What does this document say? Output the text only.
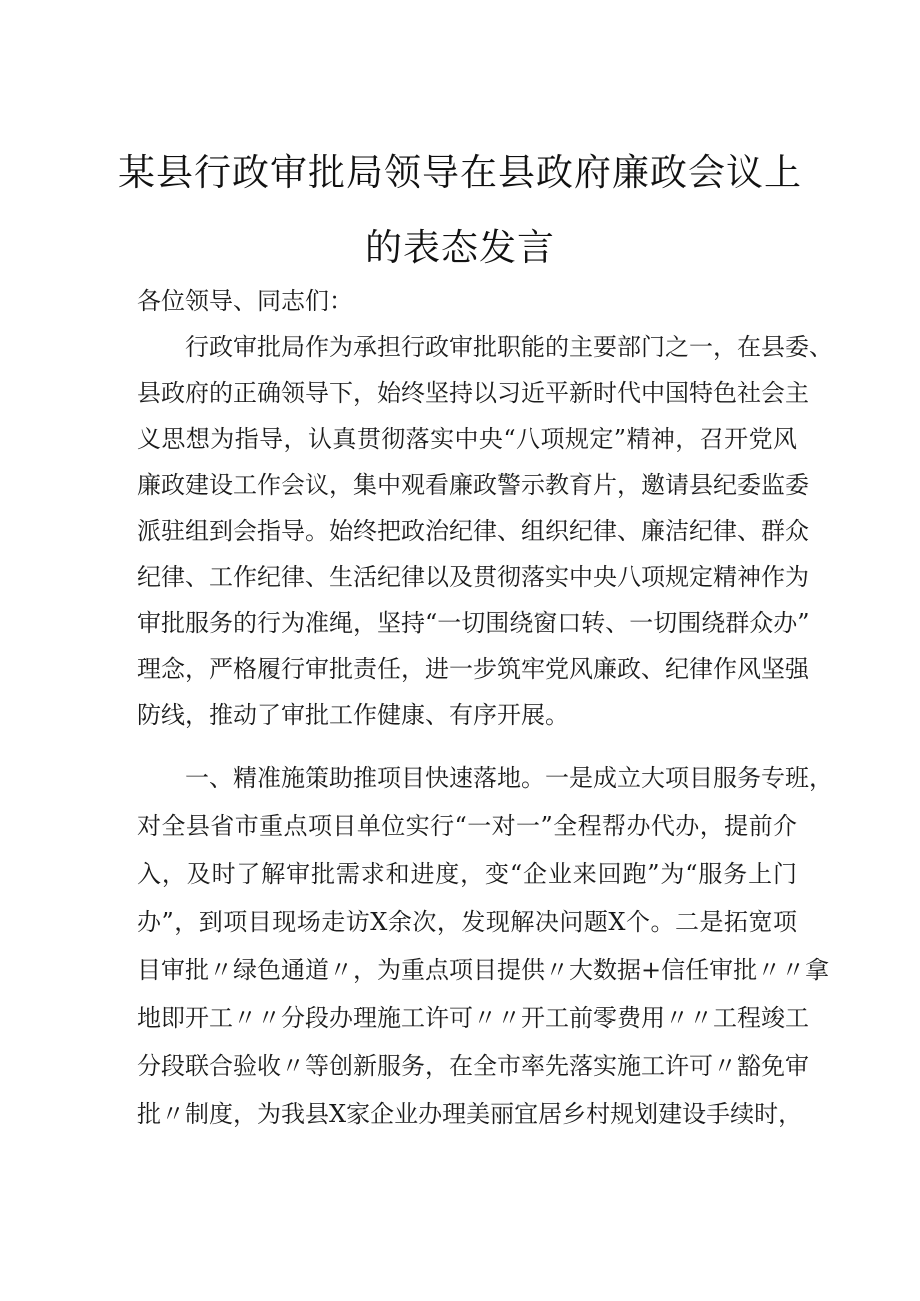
某县行政审批局领导在县政府廉政会议上
的表态发言
各位领导、同志们：
行政审批局作为承担行政审批职能的主要部门之一，在县委、
县政府的正确领导下，始终坚持以习近平新时代中国特色社会主
义思想为指导，认真贯彻落实中央“八项规定”精神，召开党风
廉政建设工作会议，集中观看廉政警示教育片，邀请县纪委监委
派驻组到会指导。始终把政治纪律、组织纪律、廉洁纪律、群众
纪律、工作纪律、生活纪律以及贯彻落实中央八项规定精神作为
审批服务的行为准绳，坚持“一切围绕窗口转、一切围绕群众办”
理念，严格履行审批责任，进一步筑牢党风廉政、纪律作风坚强
防线，推动了审批工作健康、有序开展。
一、精准施策助推项目快速落地。一是成立大项目服务专班，
对全县省市重点项目单位实行“一对一”全程帮办代办，提前介
入，及时了解审批需求和进度，变“企业来回跑”为“服务上门
办”，到项目现场走访X余次，发现解决问题X个。二是拓宽项
目审批〃绿色通道〃，为重点项目提供〃大数据+信任审批〃〃拿
地即开工〃〃分段办理施工许可〃〃开工前零费用〃〃工程竣工
分段联合验收〃等创新服务，在全市率先落实施工许可〃豁免审
批〃制度，为我县X家企业办理美丽宜居乡村规划建设手续时，
